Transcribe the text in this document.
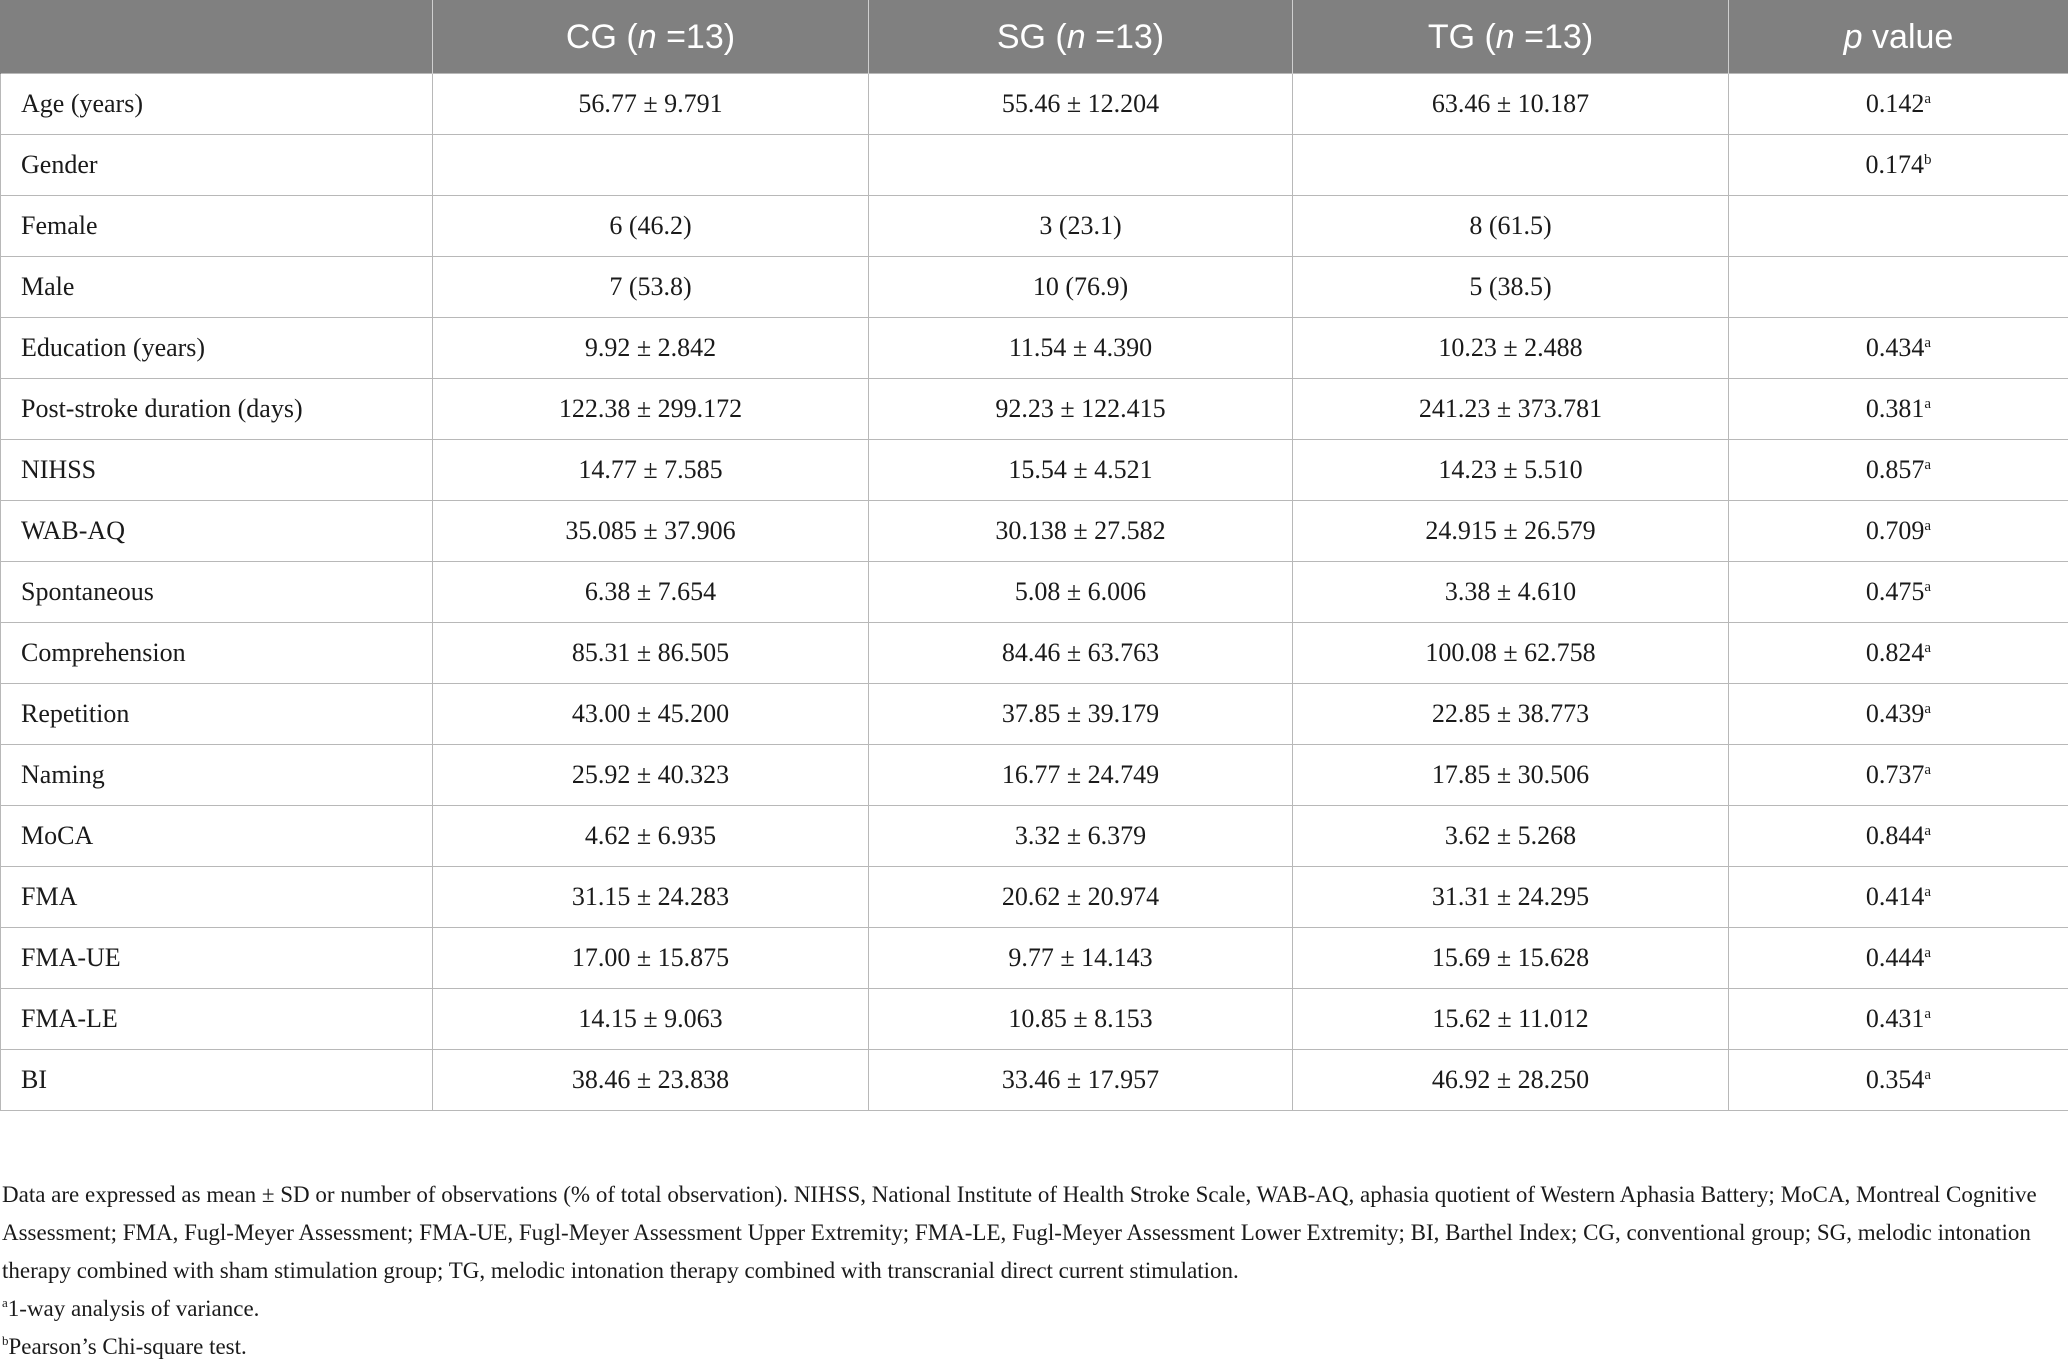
	CG (n =13)	SG (n =13)	TG (n =13)	p value
Age (years)	56.77 ± 9.791	55.46 ± 12.204	63.46 ± 10.187	0.142$^a$
Gender				0.174$^b$
Female	6 (46.2)	3 (23.1)	8 (61.5)	
Male	7 (53.8)	10 (76.9)	5 (38.5)	
Education (years)	9.92 ± 2.842	11.54 ± 4.390	10.23 ± 2.488	0.434$^a$
Post-stroke duration (days)	122.38 ± 299.172	92.23 ± 122.415	241.23 ± 373.781	0.381$^a$
NIHSS	14.77 ± 7.585	15.54 ± 4.521	14.23 ± 5.510	0.857$^a$
WAB-AQ	35.085 ± 37.906	30.138 ± 27.582	24.915 ± 26.579	0.709$^a$
Spontaneous	6.38 ± 7.654	5.08 ± 6.006	3.38 ± 4.610	0.475$^a$
Comprehension	85.31 ± 86.505	84.46 ± 63.763	100.08 ± 62.758	0.824$^a$
Repetition	43.00 ± 45.200	37.85 ± 39.179	22.85 ± 38.773	0.439$^a$
Naming	25.92 ± 40.323	16.77 ± 24.749	17.85 ± 30.506	0.737$^a$
MoCA	4.62 ± 6.935	3.32 ± 6.379	3.62 ± 5.268	0.844$^a$
FMA	31.15 ± 24.283	20.62 ± 20.974	31.31 ± 24.295	0.414$^a$
FMA-UE	17.00 ± 15.875	9.77 ± 14.143	15.69 ± 15.628	0.444$^a$
FMA-LE	14.15 ± 9.063	10.85 ± 8.153	15.62 ± 11.012	0.431$^a$
BI	38.46 ± 23.838	33.46 ± 17.957	46.92 ± 28.250	0.354$^a$

Data are expressed as mean ± SD or number of observations (% of total observation). NIHSS, National Institute of Health Stroke Scale, WAB-AQ, aphasia quotient of Western Aphasia Battery; MoCA, Montreal Cognitive Assessment; FMA, Fugl-Meyer Assessment; FMA-UE, Fugl-Meyer Assessment Upper Extremity; FMA-LE, Fugl-Meyer Assessment Lower Extremity; BI, Barthel Index; CG, conventional group; SG, melodic intonation therapy combined with sham stimulation group; TG, melodic intonation therapy combined with transcranial direct current stimulation.

$^a$1-way analysis of variance.

$^b$Pearson’s Chi-square test.
